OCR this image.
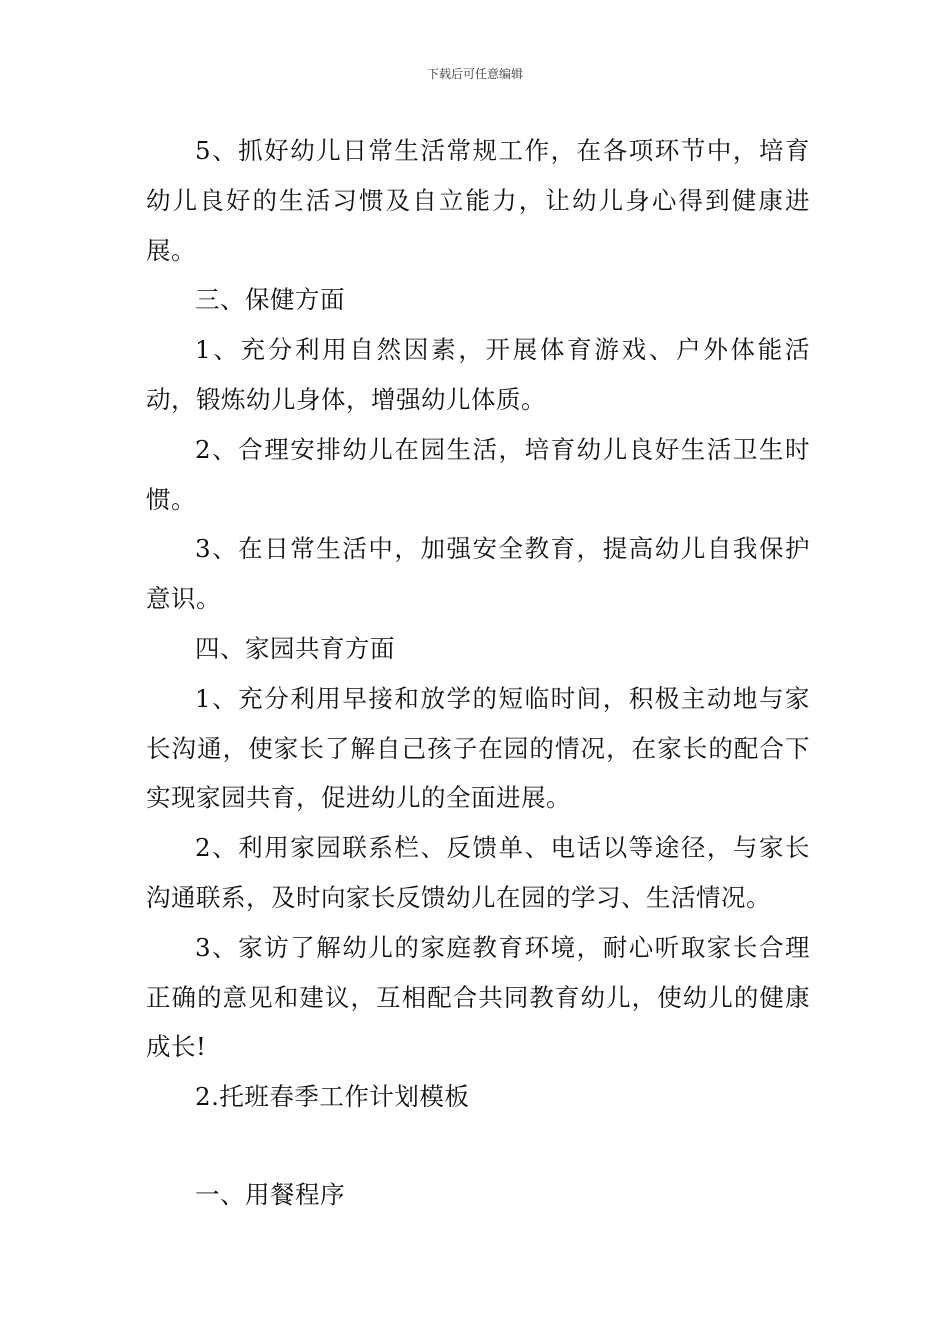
下载后可任意编辑

5、抓好幼儿日常生活常规工作，在各项环节中，培育幼儿良好的生活习惯及自立能力，让幼儿身心得到健康进展。

三、保健方面

1、充分利用自然因素，开展体育游戏、户外体能活动，锻炼幼儿身体，增强幼儿体质。

2、合理安排幼儿在园生活，培育幼儿良好生活卫生时惯。

3、在日常生活中，加强安全教育，提高幼儿自我保护意识。

四、家园共育方面

1、充分利用早接和放学的短临时间，积极主动地与家长沟通，使家长了解自己孩子在园的情况，在家长的配合下实现家园共育，促进幼儿的全面进展。

2、利用家园联系栏、反馈单、电话以等途径，与家长沟通联系，及时向家长反馈幼儿在园的学习、生活情况。

3、家访了解幼儿的家庭教育环境，耐心听取家长合理正确的意见和建议，互相配合共同教育幼儿，使幼儿的健康成长!

2.托班春季工作计划模板

一、用餐程序
